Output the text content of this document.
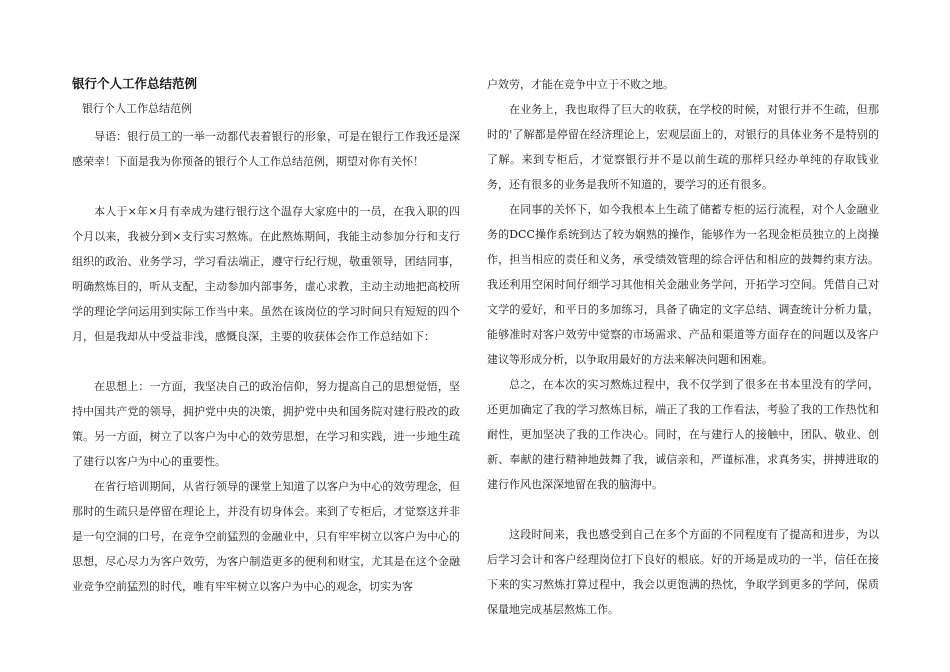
银行个人工作总结范例
银行个人工作总结范例

导语：银行员工的一举一动都代表着银行的形象，可是在银行工作我还是深感荣幸！下面是我为你预备的银行个人工作总结范例，期望对你有关怀！

本人于×年×月有幸成为建行银行这个温存大家庭中的一员，在我入职的四个月以来，我被分到×支行实习熬炼。在此熬炼期间，我能主动参加分行和支行组织的政治、业务学习，学习看法端正，遵守行纪行规，敬重领导，团结同事，明确熬炼目的，听从支配，主动参加内部事务，虚心求教，主动主动地把高校所学的理论学问运用到实际工作当中来。虽然在该岗位的学习时间只有短短的四个月，但是我却从中受益非浅，感慨良深，主要的收获体会作工作总结如下：

在思想上：一方面，我坚决自己的政治信仰，努力提高自己的思想觉悟，坚持中国共产党的领导，拥护党中央的决策，拥护党中央和国务院对建行股改的政策。另一方面，树立了以客户为中心的效劳思想，在学习和实践，进一步地生疏了建行以客户为中心的重要性。

在省行培训期间，从省行领导的课堂上知道了以客户为中心的效劳理念，但那时的生疏只是停留在理论上，并没有切身体会。来到了专柜后，才觉察这并非是一句空洞的口号，在竞争空前猛烈的金融业中，只有牢牢树立以客户为中心的思想，尽心尽力为客户效劳，为客户制造更多的便利和财宝，尤其是在这个金融业竞争空前猛烈的时代，唯有牢牢树立以客户为中心的观念，切实为客

户效劳，才能在竞争中立于不败之地。

在业务上，我也取得了巨大的收获，在学校的时候，对银行并不生疏，但那时的'了解都是停留在经济理论上，宏观层面上的，对银行的具体业务不是特别的了解。来到专柜后，才觉察银行并不是以前生疏的那样只经办单纯的存取钱业务，还有很多的业务是我所不知道的，要学习的还有很多。

在同事的关怀下，如今我根本上生疏了储蓄专柜的运行流程，对个人金融业务的DCC操作系统到达了较为娴熟的操作，能够作为一名现金柜员独立的上岗操作，担当相应的责任和义务，承受绩效管理的综合评估和相应的鼓舞约束方法。我还利用空闲时间仔细学习其他相关金融业务学问，开拓学习空间。凭借自己对文学的爱好，和平日的多加练习，具备了确定的文字总结、调查统计分析力量，能够准时对客户效劳中觉察的市场需求、产品和渠道等方面存在的问题以及客户建议等形成分析，以争取用最好的方法来解决问题和困难。

总之，在本次的实习熬炼过程中，我不仅学到了很多在书本里没有的学问，还更加确定了我的学习熬炼目标，端正了我的工作看法，考验了我的工作热忱和耐性，更加坚决了我的工作决心。同时，在与建行人的接触中，团队、敬业、创新、奉献的建行精神地鼓舞了我，诚信亲和，严谨标准，求真务实，拼搏进取的建行作风也深深地留在我的脑海中。

这段时间来，我也感受到自己在多个方面的不同程度有了提高和进步，为以后学习会计和客户经理岗位打下良好的根底。好的开场是成功的一半，信任在接下来的实习熬炼打算过程中，我会以更饱满的热忱，争取学到更多的学问，保质保量地完成基层熬炼工作。
